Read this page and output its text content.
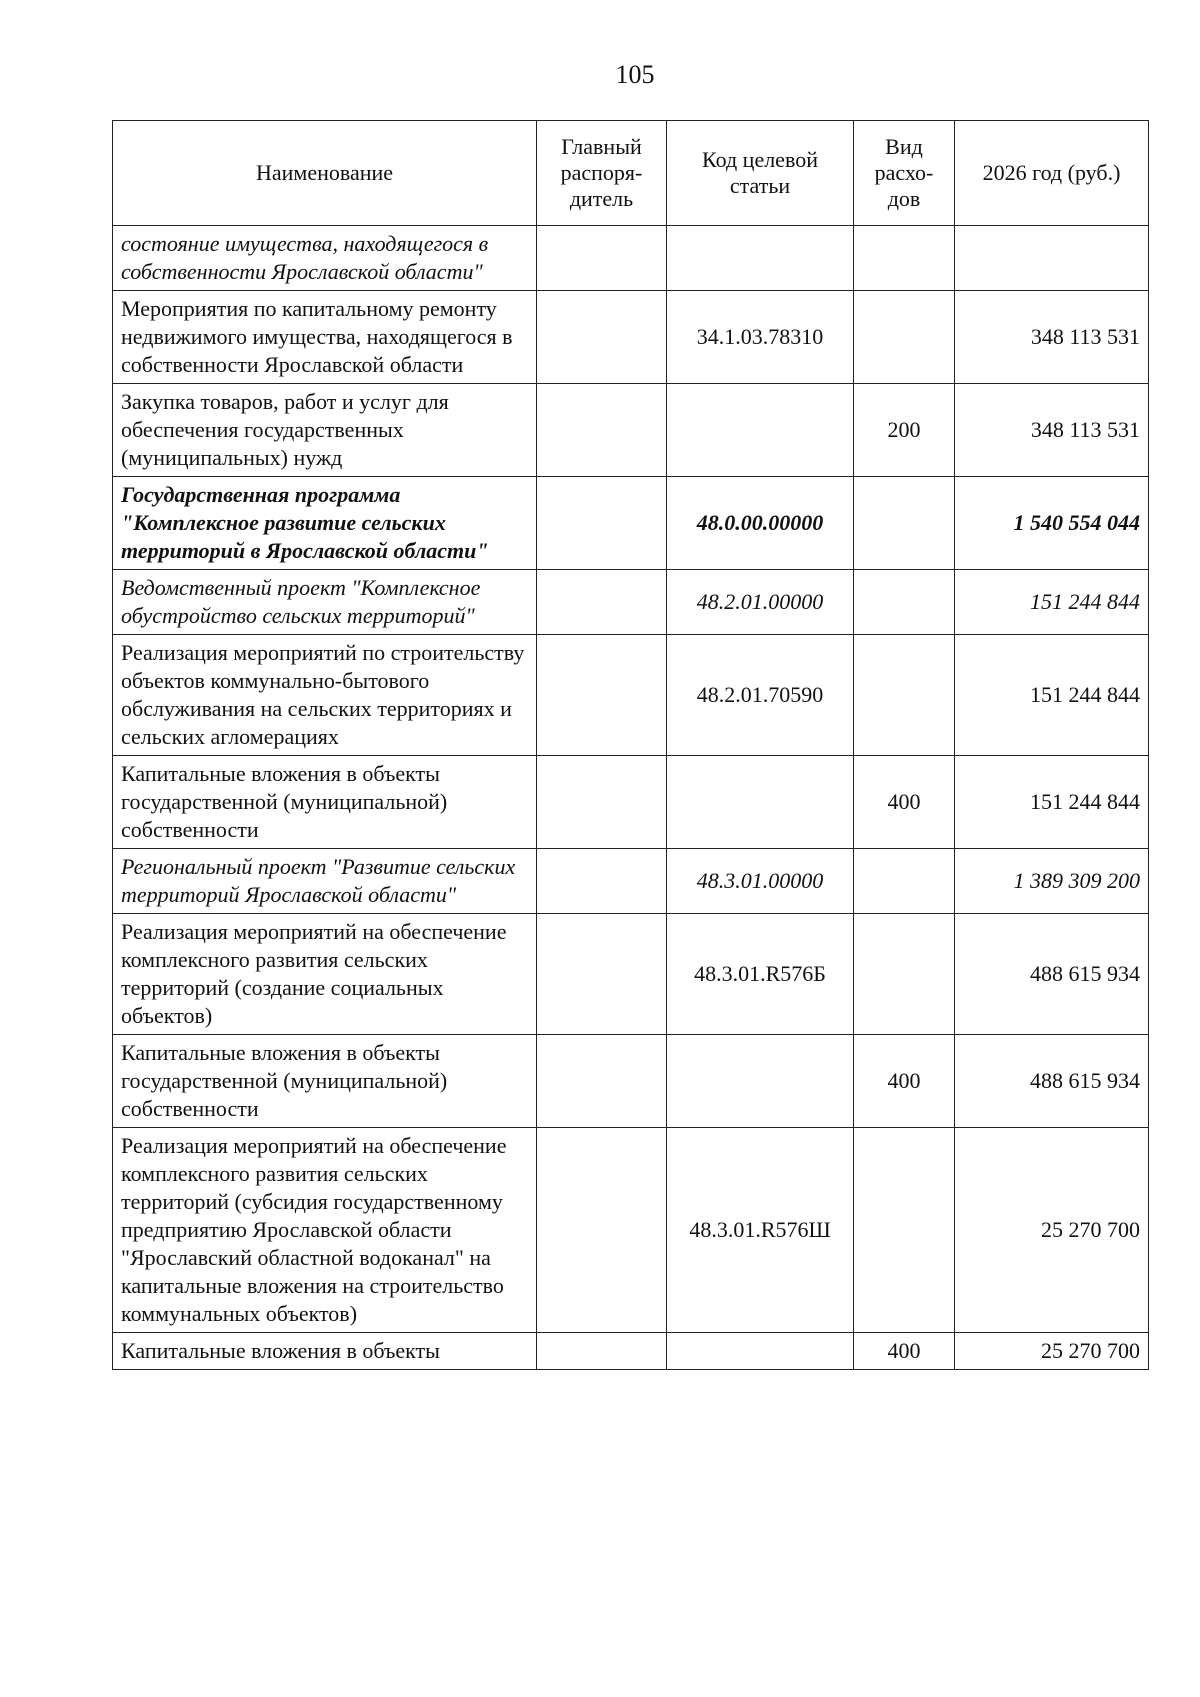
105
Наименование	Главный распоря-дитель	Код целевой статьи	Вид расхо-дов	2026 год (руб.)
состояние имущества, находящегося в собственности Ярославской области"				
Мероприятия по капитальному ремонту недвижимого имущества, находящегося в собственности Ярославской области		34.1.03.78310		348 113 531
Закупка товаров, работ и услуг для обеспечения государственных (муниципальных) нужд			200	348 113 531
Государственная программа "Комплексное развитие сельских территорий в Ярославской области"		48.0.00.00000		1 540 554 044
Ведомственный проект "Комплексное обустройство сельских территорий"		48.2.01.00000		151 244 844
Реализация мероприятий по строительству объектов коммунально-бытового обслуживания на сельских территориях и сельских агломерациях		48.2.01.70590		151 244 844
Капитальные вложения в объекты государственной (муниципальной) собственности			400	151 244 844
Региональный проект "Развитие сельских территорий Ярославской области"		48.3.01.00000		1 389 309 200
Реализация мероприятий на обеспечение комплексного развития сельских территорий (создание социальных объектов)		48.3.01.R576Б		488 615 934
Капитальные вложения в объекты государственной (муниципальной) собственности			400	488 615 934
Реализация мероприятий на обеспечение комплексного развития сельских территорий (субсидия государственному предприятию Ярославской области "Ярославский областной водоканал" на капитальные вложения на строительство коммунальных объектов)		48.3.01.R576Ш		25 270 700
Капитальные вложения в объекты			400	25 270 700
